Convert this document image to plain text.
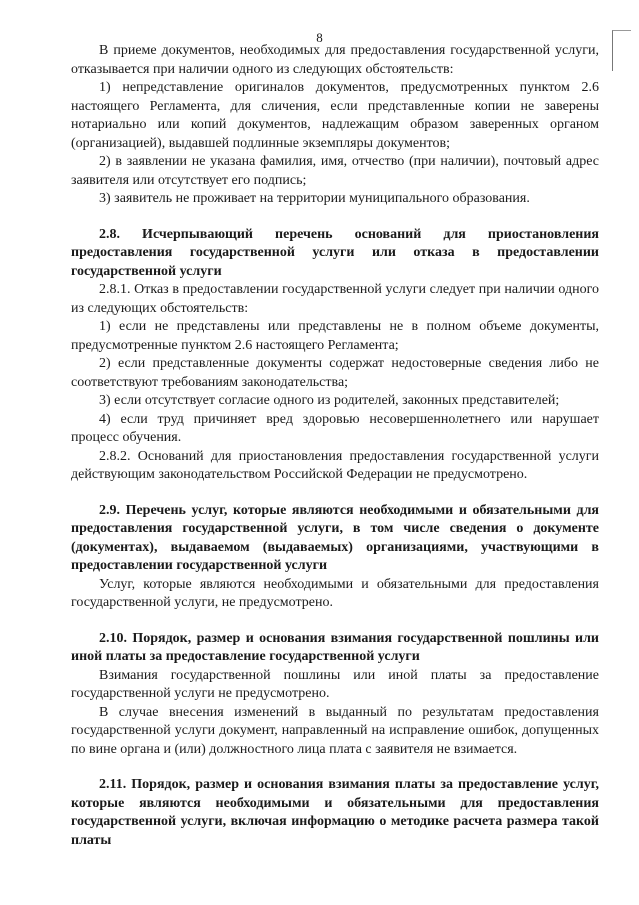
8

В приеме документов, необходимых для предоставления государственной услуги, отказывается при наличии одного из следующих обстоятельств:

1) непредставление оригиналов документов, предусмотренных пунктом 2.6 настоящего Регламента, для сличения, если представленные копии не заверены нотариально или копий документов, надлежащим образом заверенных органом (организацией), выдавшей подлинные экземпляры документов;

2) в заявлении не указана фамилия, имя, отчество (при наличии), почтовый адрес заявителя или отсутствует его подпись;

3) заявитель не проживает на территории муниципального образования.

2.8. Исчерпывающий перечень оснований для приостановления предоставления государственной услуги или отказа в предоставлении государственной услуги

2.8.1. Отказ в предоставлении государственной услуги следует при наличии одного из следующих обстоятельств:

1) если не представлены или представлены не в полном объеме документы, предусмотренные пунктом 2.6 настоящего Регламента;

2) если представленные документы содержат недостоверные сведения либо не соответствуют требованиям законодательства;

3) если отсутствует согласие одного из родителей, законных представителей;

4) если труд причиняет вред здоровью несовершеннолетнего или нарушает процесс обучения.

2.8.2. Оснований для приостановления предоставления государственной услуги действующим законодательством Российской Федерации не предусмотрено.

2.9. Перечень услуг, которые являются необходимыми и обязательными для предоставления государственной услуги, в том числе сведения о документе (документах), выдаваемом (выдаваемых) организациями, участвующими в предоставлении государственной услуги

Услуг, которые являются необходимыми и обязательными для предоставления государственной услуги, не предусмотрено.

2.10. Порядок, размер и основания взимания государственной пошлины или иной платы за предоставление государственной услуги

Взимания государственной пошлины или иной платы за предоставление государственной услуги не предусмотрено.

В случае внесения изменений в выданный по результатам предоставления государственной услуги документ, направленный на исправление ошибок, допущенных по вине органа и (или) должностного лица плата с заявителя не взимается.

2.11. Порядок, размер и основания взимания платы за предоставление услуг, которые являются необходимыми и обязательными для предоставления государственной услуги, включая информацию о методике расчета размера такой платы
